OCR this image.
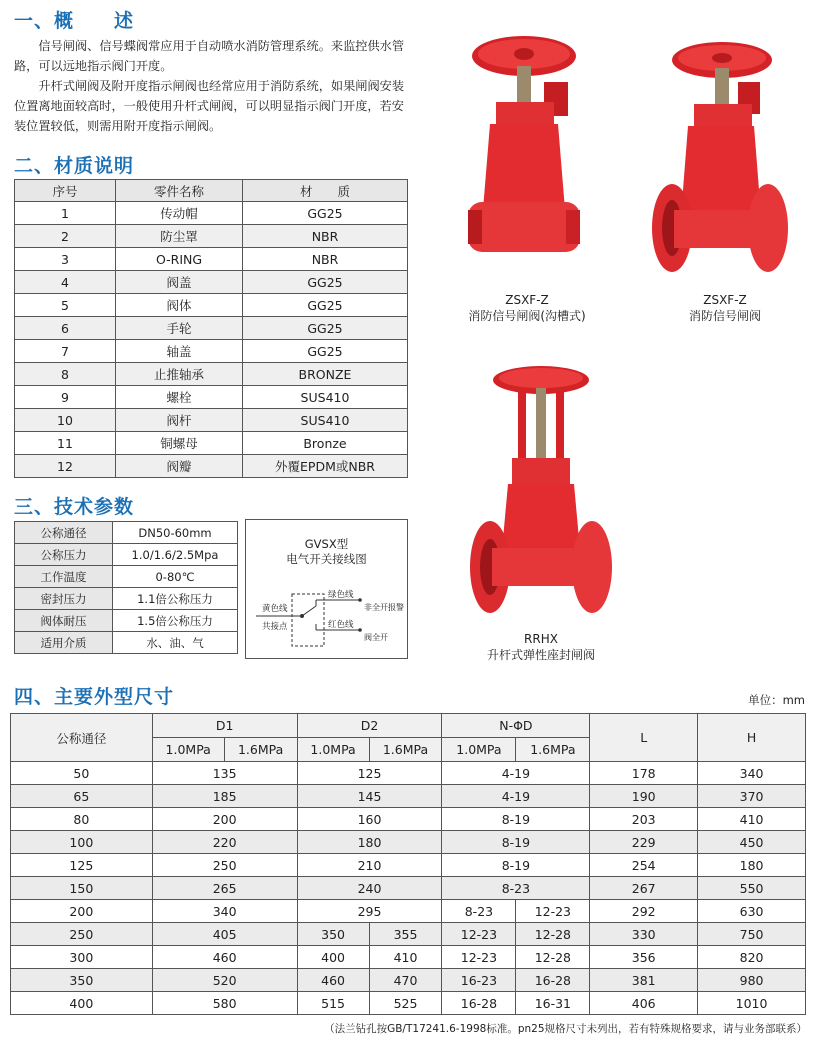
一、概　　述

信号闸阀、信号蝶阀常应用于自动喷水消防管理系统。来监控供水管路，可以远地指示阀门开度。

升杆式闸阀及附开度指示闸阀也经常应用于消防系统，如果闸阀安装位置离地面较高时，一般使用升杆式闸阀，可以明显指示阀门开度，若安装位置较低，则需用附开度指示闸阀。

二、材质说明
序号	零件名称	材　　质
1	传动帽	GG25
2	防尘罩	NBR
3	O-RING	NBR
4	阀盖	GG25
5	阀体	GG25
6	手轮	GG25
7	轴盖	GG25
8	止推轴承	BRONZE
9	螺栓	SUS410
10	阀杆	SUS410
11	铜螺母	Bronze
12	阀瓣	外覆EPDM或NBR
三、技术参数
公称通径	DN50-60mm
公称压力	1.0/1.6/2.5Mpa
工作温度	0-80℃
密封压力	1.1倍公称压力
阀体耐压	1.5倍公称压力
适用介质	水、油、气
GVSX型
电气开关接线图
黄色线
共接点
绿色线
非全开报警
红色线
阀全开
ZSXF-Z
消防信号闸阀(沟槽式)
ZSXF-Z
消防信号闸阀
RRHX
升杆式弹性座封闸阀
四、主要外型尺寸	单位：mm
公称通径	D1		D2		N-ΦD		L	H
	1.0MPa	1.6MPa	1.0MPa	1.6MPa	1.0MPa	1.6MPa		
50	135		125		4-19		178	340
65	185		145		4-19		190	370
80	200		160		8-19		203	410
100	220		180		8-19		229	450
125	250		210		8-19		254	180
150	265		240		8-23		267	550
200	340		295		8-23	12-23	292	630
250	405		350	355	12-23	12-28	330	750
300	460		400	410	12-23	12-28	356	820
350	520		460	470	16-23	16-28	381	980
400	580		515	525	16-28	16-31	406	1010
（法兰钻孔按GB/T17241.6-1998标准。pn25规格尺寸未列出，若有特殊规格要求，请与业务部联系）
